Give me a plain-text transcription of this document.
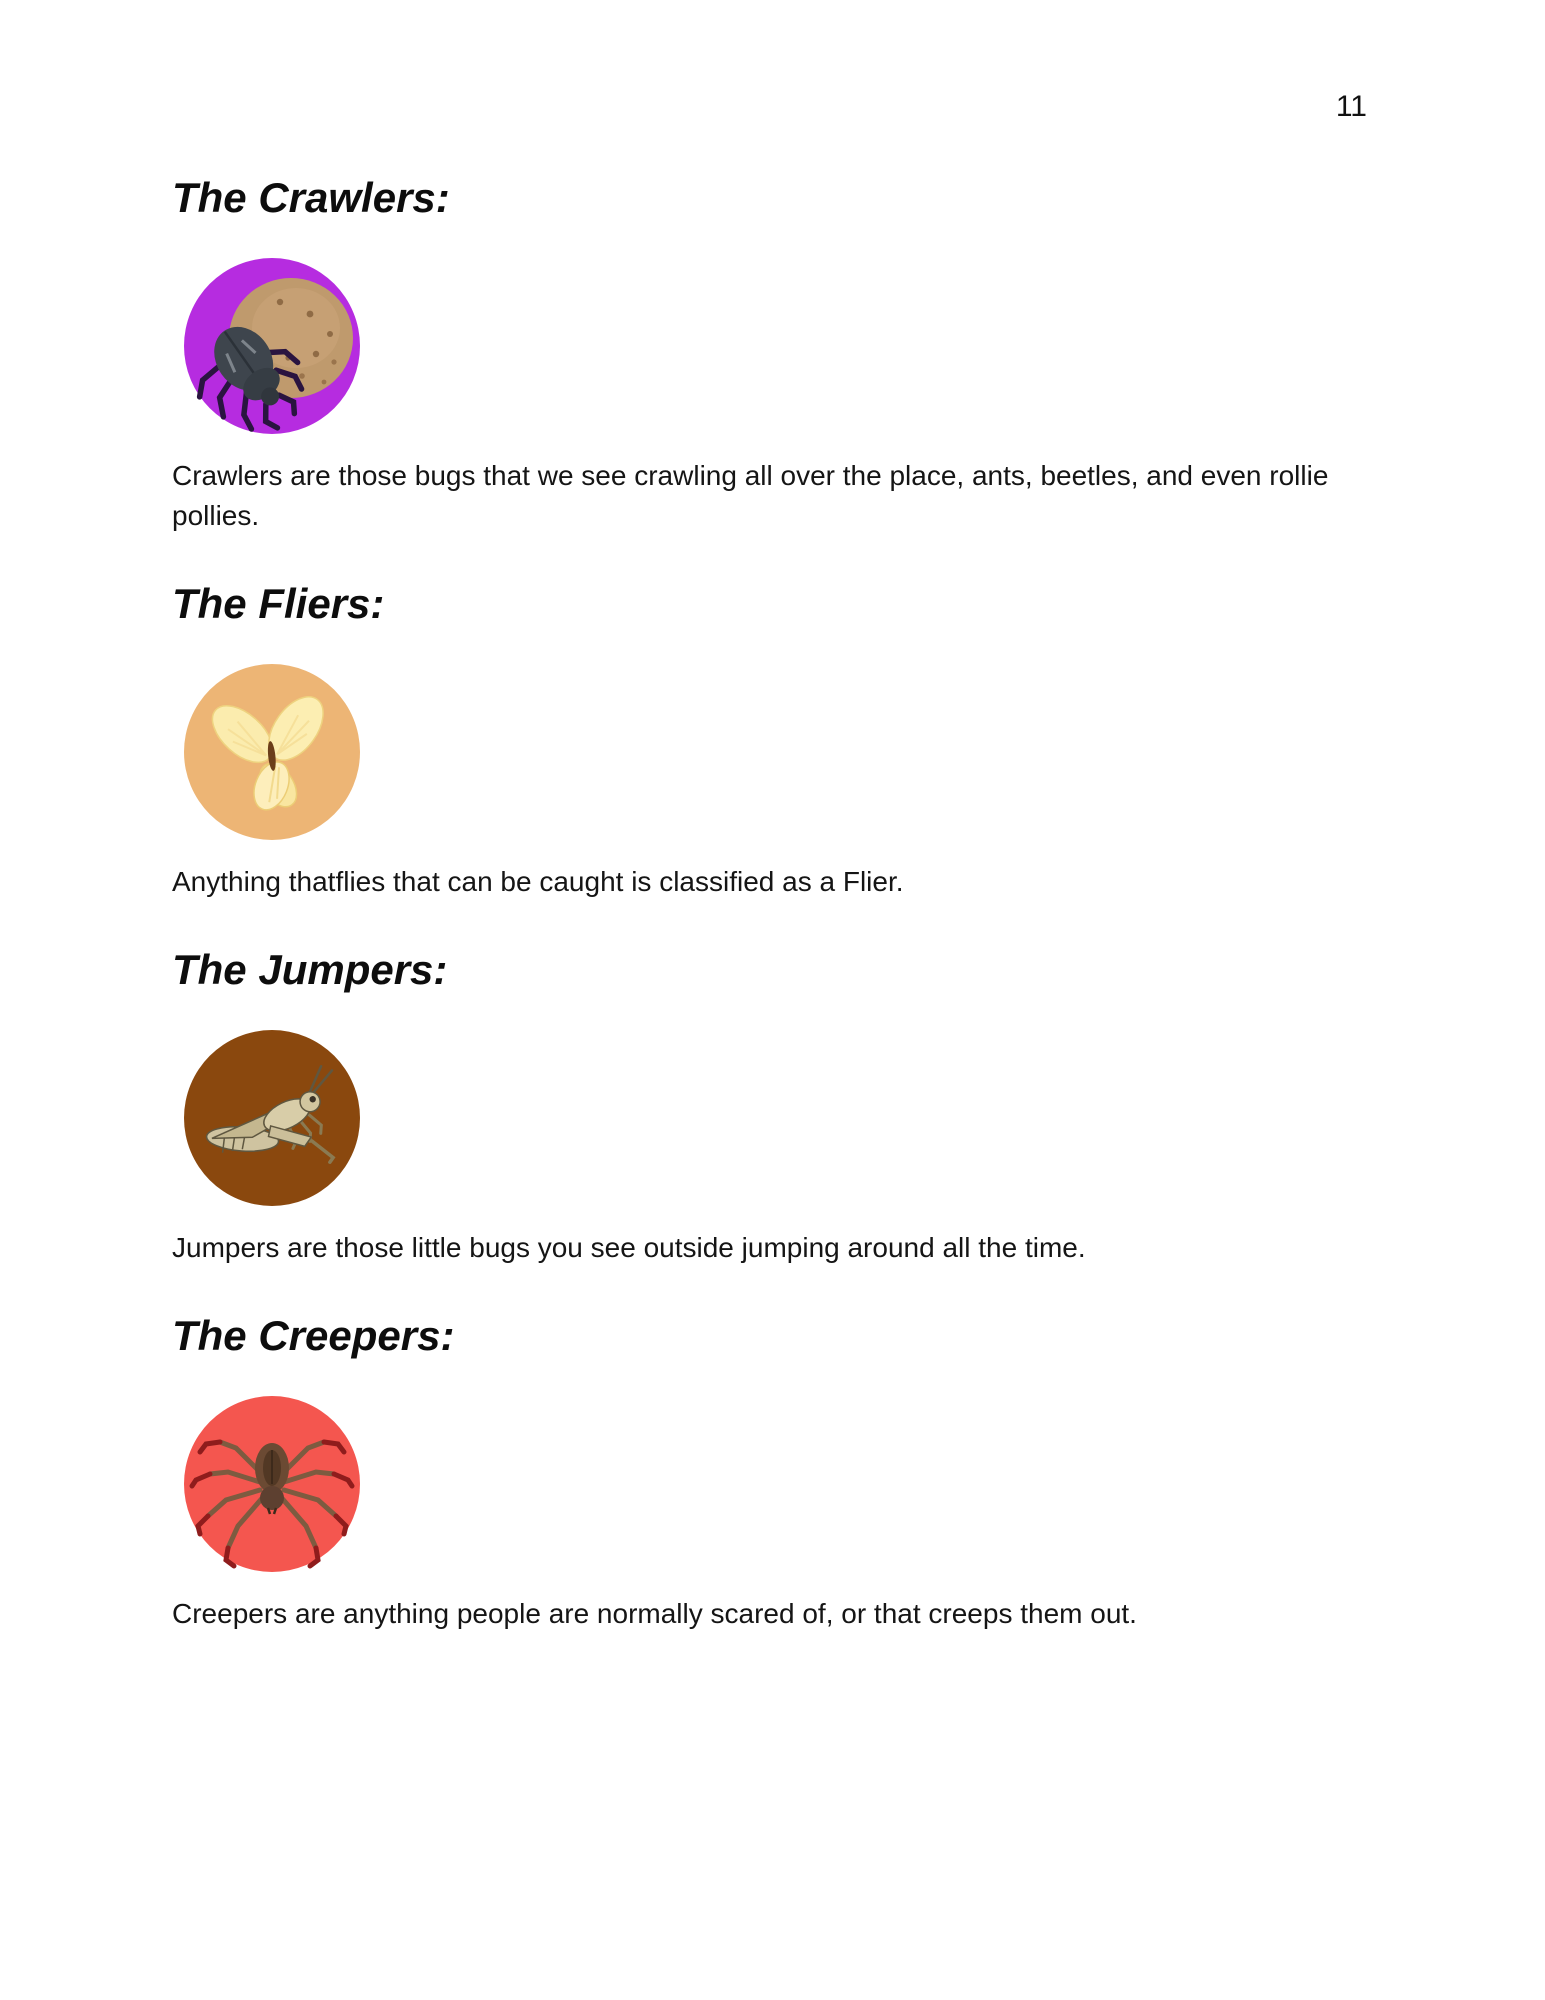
11
The Crawlers:

Crawlers are those bugs that we see crawling all over the place, ants, beetles, and even rollie pollies.

The Fliers:

Anything thatflies that can be caught is classified as a Flier.

The Jumpers:

Jumpers are those little bugs you see outside jumping around all the time.

The Creepers:

Creepers are anything people are normally scared of, or that creeps them out.
